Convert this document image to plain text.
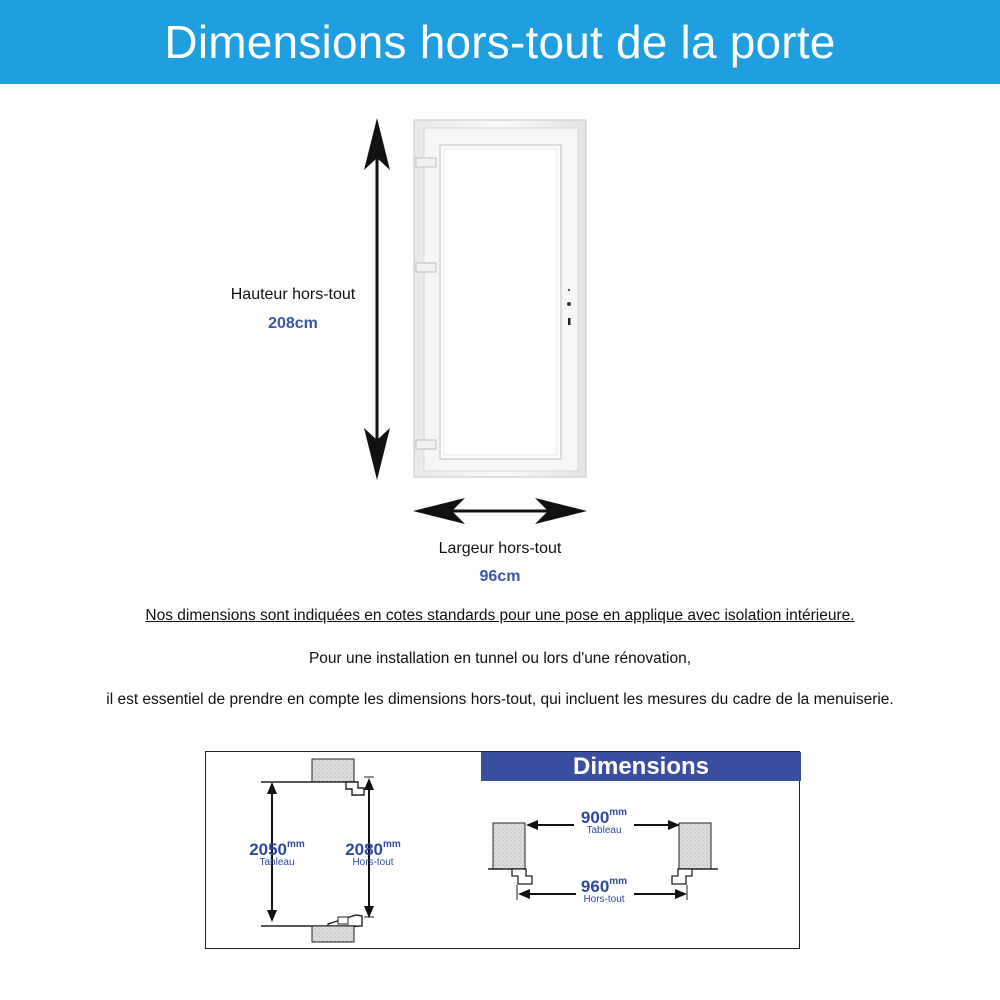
Dimensions hors-tout de la porte
Hauteur hors-tout
208cm
Largeur hors-tout
96cm
Nos dimensions sont indiquées en cotes standards pour une pose en applique avec isolation intérieure.
Pour une installation en tunnel ou lors d'une rénovation,
il est essentiel de prendre en compte les dimensions hors-tout, qui incluent les mesures du cadre de la menuiserie.
Dimensions
$2050^{mm}$
Tableau
$2080^{mm}$
Hors-tout
$900^{mm}$
Tableau
$960^{mm}$
Hors-tout
